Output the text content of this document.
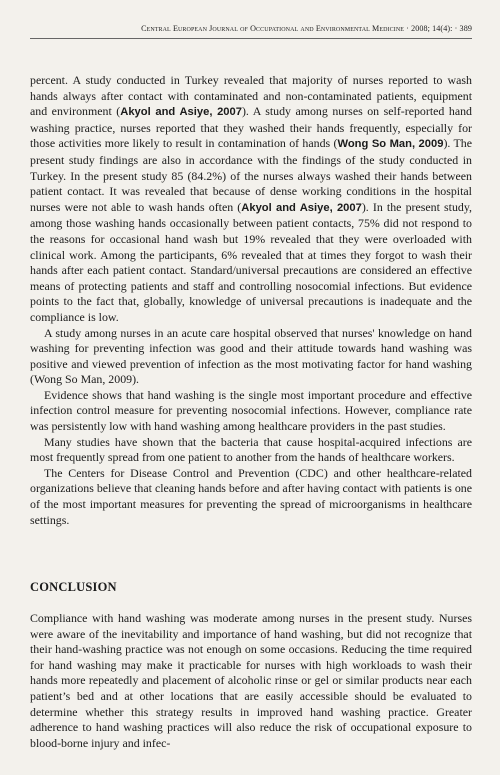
Central European Journal of Occupational and Environmental Medicine · 2008; 14(4): · 389

percent. A study conducted in Turkey revealed that majority of nurses reported to wash hands always after contact with contaminated and non-contaminated patients, equipment and environment (Akyol and Asiye, 2007). A study among nurses on self-reported hand washing practice, nurses reported that they washed their hands frequently, especially for those activities more likely to result in contamination of hands (Wong So Man, 2009). The present study findings are also in accordance with the findings of the study conducted in Turkey. In the present study 85 (84.2%) of the nurses always washed their hands between patient contact. It was revealed that because of dense working conditions in the hospital nurses were not able to wash hands often (Akyol and Asiye, 2007). In the present study, among those washing hands occasionally between patient contacts, 75% did not respond to the reasons for occasional hand wash but 19% revealed that they were overloaded with clinical work. Among the participants, 6% revealed that at times they forgot to wash their hands after each patient contact. Standard/universal precautions are considered an effective means of protecting patients and staff and controlling nosocomial infections. But evidence points to the fact that, globally, knowledge of universal precautions is inadequate and the compliance is low.

A study among nurses in an acute care hospital observed that nurses' knowledge on hand washing for preventing infection was good and their attitude towards hand washing was positive and viewed prevention of infection as the most motivating factor for hand washing (Wong So Man, 2009).

Evidence shows that hand washing is the single most important procedure and effective infection control measure for preventing nosocomial infections. However, compliance rate was persistently low with hand washing among healthcare providers in the past studies.

Many studies have shown that the bacteria that cause hospital-acquired infections are most frequently spread from one patient to another from the hands of healthcare workers.

The Centers for Disease Control and Prevention (CDC) and other healthcare-related organizations believe that cleaning hands before and after having contact with patients is one of the most important measures for preventing the spread of microorganisms in healthcare settings.

CONCLUSION

Compliance with hand washing was moderate among nurses in the present study. Nurses were aware of the inevitability and importance of hand washing, but did not recognize that their hand-washing practice was not enough on some occasions. Reducing the time required for hand washing may make it practicable for nurses with high workloads to wash their hands more repeatedly and placement of alcoholic rinse or gel or similar products near each patient’s bed and at other locations that are easily accessible should be evaluated to determine whether this strategy results in improved hand washing practice. Greater adherence to hand washing practices will also reduce the risk of occupational exposure to blood-borne injury and infec-
